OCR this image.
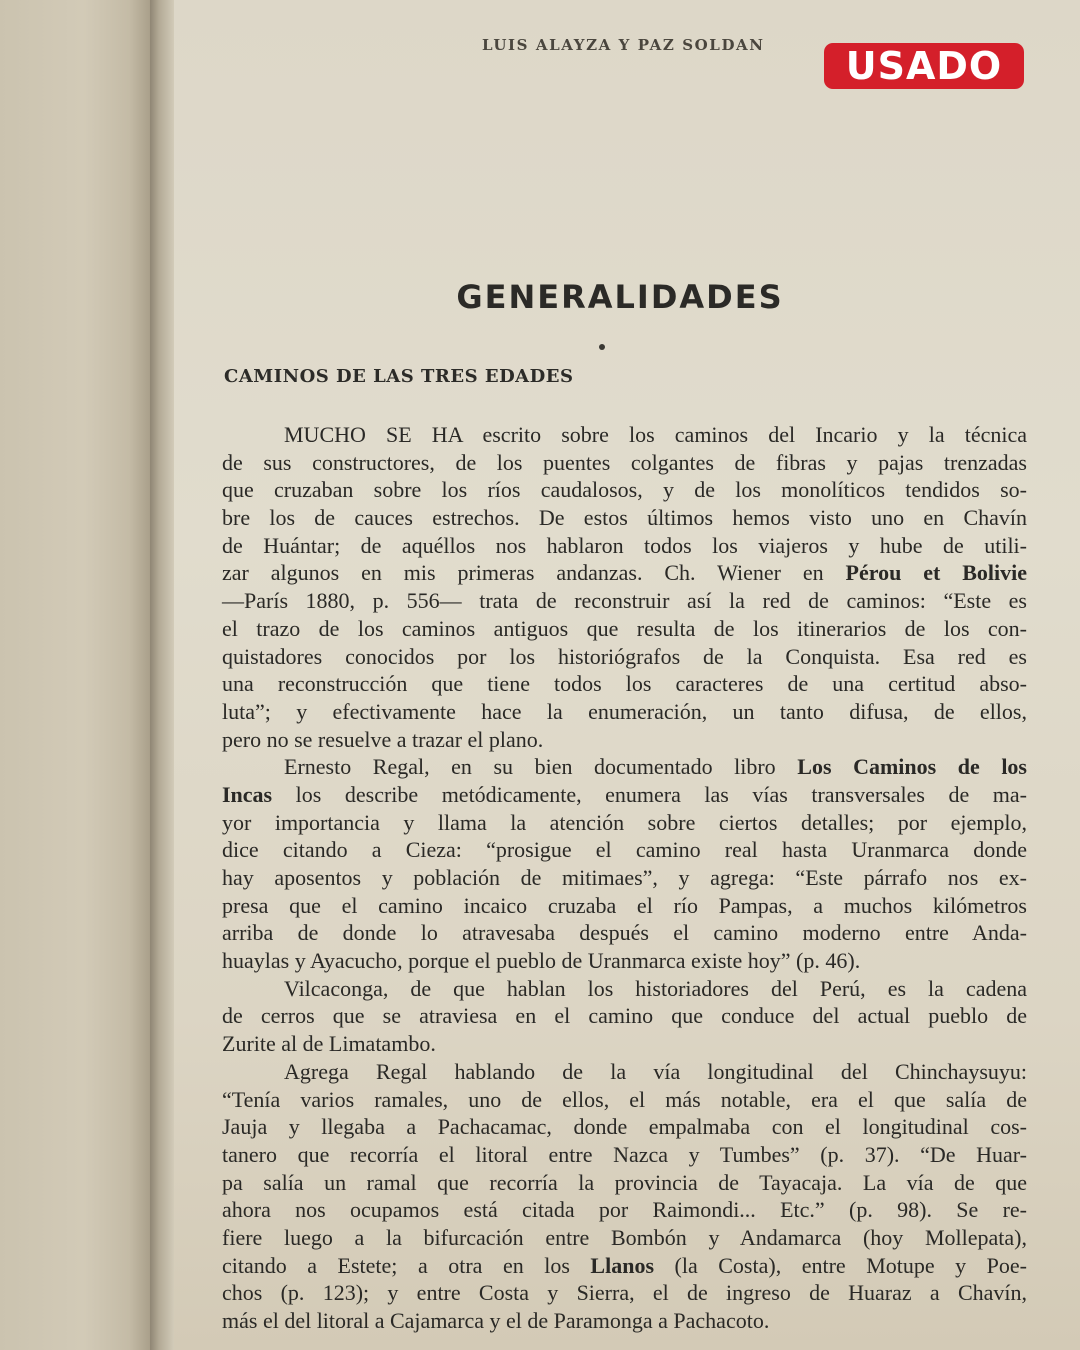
LUIS ALAYZA Y PAZ SOLDAN	USADO
GENERALIDADES
CAMINOS DE LAS TRES EDADES
MUCHO SE HA escrito sobre los caminos del Incario y la técnica
de sus constructores, de los puentes colgantes de fibras y pajas trenzadas
que cruzaban sobre los ríos caudalosos, y de los monolíticos tendidos so-
bre los de cauces estrechos. De estos últimos hemos visto uno en Chavín
de Huántar; de aquéllos nos hablaron todos los viajeros y hube de utili-
zar algunos en mis primeras andanzas. Ch. Wiener en Pérou et Bolivie
—París 1880, p. 556— trata de reconstruir así la red de caminos: “Este es
el trazo de los caminos antiguos que resulta de los itinerarios de los con-
quistadores conocidos por los historiógrafos de la Conquista. Esa red es
una reconstrucción que tiene todos los caracteres de una certitud abso-
luta”; y efectivamente hace la enumeración, un tanto difusa, de ellos,
pero no se resuelve a trazar el plano.
Ernesto Regal, en su bien documentado libro Los Caminos de los
Incas los describe metódicamente, enumera las vías transversales de ma-
yor importancia y llama la atención sobre ciertos detalles; por ejemplo,
dice citando a Cieza: “prosigue el camino real hasta Uranmarca donde
hay aposentos y población de mitimaes”, y agrega: “Este párrafo nos ex-
presa que el camino incaico cruzaba el río Pampas, a muchos kilómetros
arriba de donde lo atravesaba después el camino moderno entre Anda-
huaylas y Ayacucho, porque el pueblo de Uranmarca existe hoy” (p. 46).
Vilcaconga, de que hablan los historiadores del Perú, es la cadena
de cerros que se atraviesa en el camino que conduce del actual pueblo de
Zurite al de Limatambo.
Agrega Regal hablando de la vía longitudinal del Chinchaysuyu:
“Tenía varios ramales, uno de ellos, el más notable, era el que salía de
Jauja y llegaba a Pachacamac, donde empalmaba con el longitudinal cos-
tanero que recorría el litoral entre Nazca y Tumbes” (p. 37). “De Huar-
pa salía un ramal que recorría la provincia de Tayacaja. La vía de que
ahora nos ocupamos está citada por Raimondi... Etc.” (p. 98). Se re-
fiere luego a la bifurcación entre Bombón y Andamarca (hoy Mollepata),
citando a Estete; a otra en los Llanos (la Costa), entre Motupe y Poe-
chos (p. 123); y entre Costa y Sierra, el de ingreso de Huaraz a Chavín,
más el del litoral a Cajamarca y el de Paramonga a Pachacoto.
